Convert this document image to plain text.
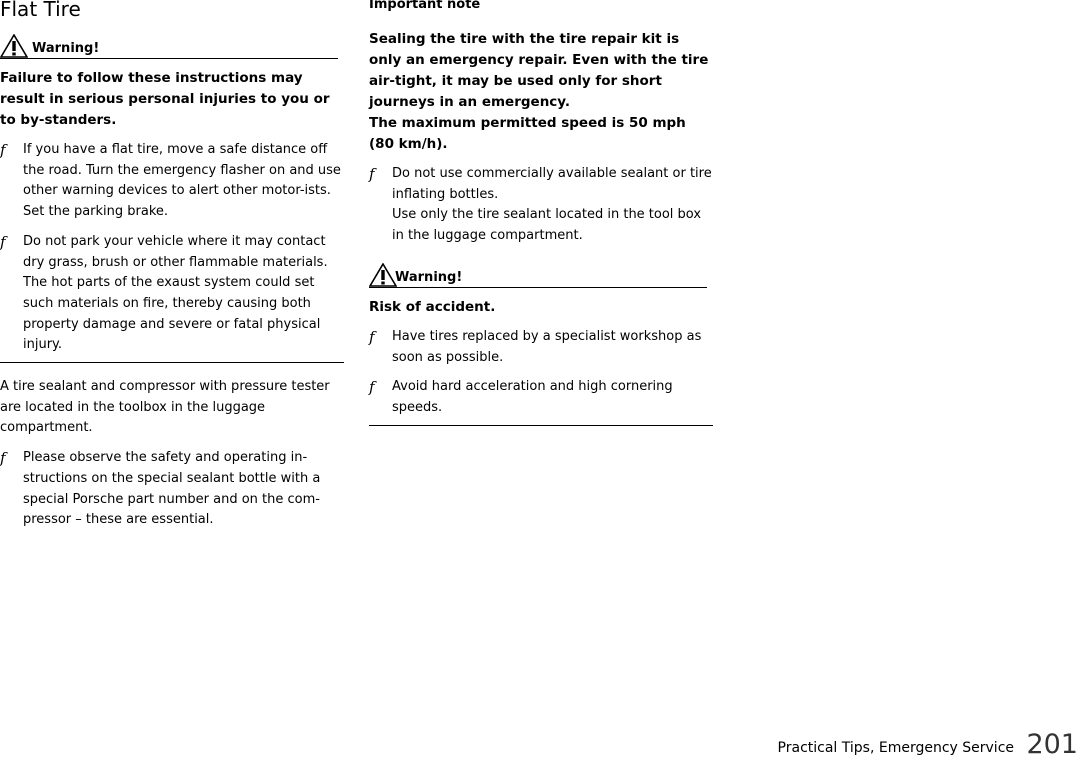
Flat Tire
Warning!

Failure to follow these instructions may result in serious personal injuries to you or to by-standers.

f	If you have a flat tire, move a safe distance off the road. Turn the emergency flasher on and use other warning devices to alert other motor-ists. Set the parking brake.
f	Do not park your vehicle where it may contact dry grass, brush or other flammable materials. The hot parts of the exaust system could set such materials on fire, thereby causing both property damage and severe or fatal physical injury.

A tire sealant and compressor with pressure tester are located in the toolbox in the luggage compartment.

f	Please observe the safety and operating in-structions on the special sealant bottle with a special Porsche part number and on the com-pressor – these are essential.

Important note

Sealing the tire with the tire repair kit is only an emergency repair. Even with the tire air-tight, it may be used only for short journeys in an emergency.

The maximum permitted speed is 50 mph (80 km/h).

f	Do not use commercially available sealant or tire inflating bottles.
Use only the tire sealant located in the tool box in the luggage compartment.
Warning!

Risk of accident.

f	Have tires replaced by a specialist workshop as soon as possible.
f	Avoid hard acceleration and high cornering speeds.
Practical Tips, Emergency Service 201
